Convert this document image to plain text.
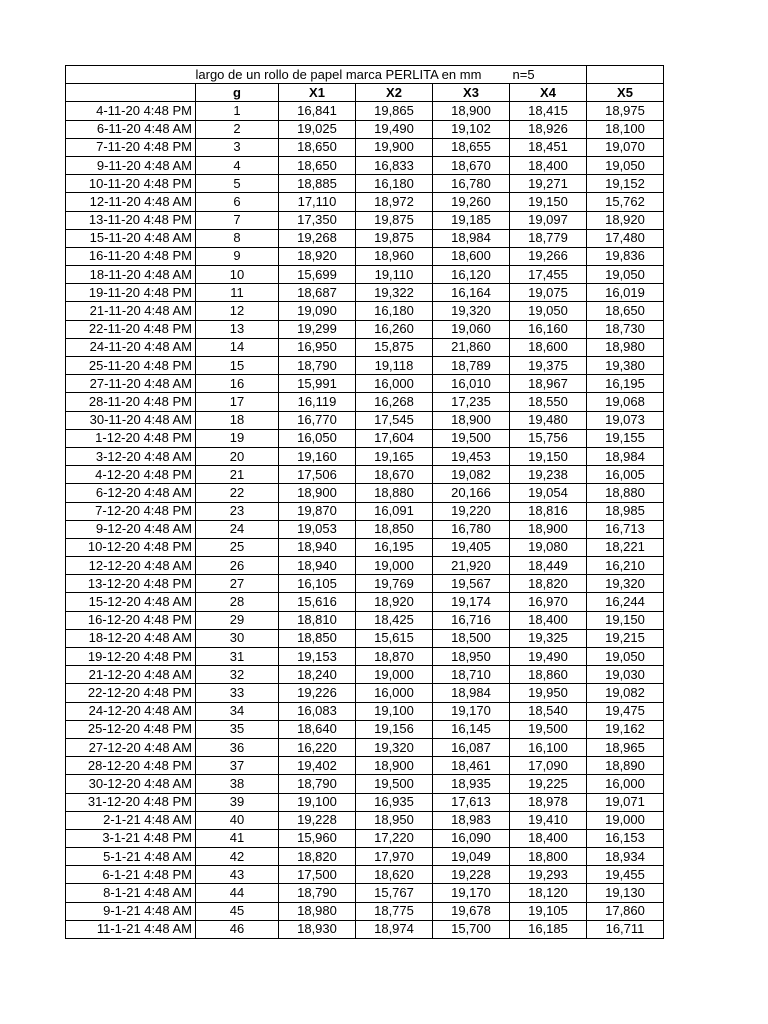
	largo de un rollo de papel marca PERLITA en mm				n=5	
	g	X1	X2	X3	X4	X5
4-11-20 4:48 PM	1	16,841	19,865	18,900	18,415	18,975
6-11-20 4:48 AM	2	19,025	19,490	19,102	18,926	18,100
7-11-20 4:48 PM	3	18,650	19,900	18,655	18,451	19,070
9-11-20 4:48 AM	4	18,650	16,833	18,670	18,400	19,050
10-11-20 4:48 PM	5	18,885	16,180	16,780	19,271	19,152
12-11-20 4:48 AM	6	17,110	18,972	19,260	19,150	15,762
13-11-20 4:48 PM	7	17,350	19,875	19,185	19,097	18,920
15-11-20 4:48 AM	8	19,268	19,875	18,984	18,779	17,480
16-11-20 4:48 PM	9	18,920	18,960	18,600	19,266	19,836
18-11-20 4:48 AM	10	15,699	19,110	16,120	17,455	19,050
19-11-20 4:48 PM	11	18,687	19,322	16,164	19,075	16,019
21-11-20 4:48 AM	12	19,090	16,180	19,320	19,050	18,650
22-11-20 4:48 PM	13	19,299	16,260	19,060	16,160	18,730
24-11-20 4:48 AM	14	16,950	15,875	21,860	18,600	18,980
25-11-20 4:48 PM	15	18,790	19,118	18,789	19,375	19,380
27-11-20 4:48 AM	16	15,991	16,000	16,010	18,967	16,195
28-11-20 4:48 PM	17	16,119	16,268	17,235	18,550	19,068
30-11-20 4:48 AM	18	16,770	17,545	18,900	19,480	19,073
1-12-20 4:48 PM	19	16,050	17,604	19,500	15,756	19,155
3-12-20 4:48 AM	20	19,160	19,165	19,453	19,150	18,984
4-12-20 4:48 PM	21	17,506	18,670	19,082	19,238	16,005
6-12-20 4:48 AM	22	18,900	18,880	20,166	19,054	18,880
7-12-20 4:48 PM	23	19,870	16,091	19,220	18,816	18,985
9-12-20 4:48 AM	24	19,053	18,850	16,780	18,900	16,713
10-12-20 4:48 PM	25	18,940	16,195	19,405	19,080	18,221
12-12-20 4:48 AM	26	18,940	19,000	21,920	18,449	16,210
13-12-20 4:48 PM	27	16,105	19,769	19,567	18,820	19,320
15-12-20 4:48 AM	28	15,616	18,920	19,174	16,970	16,244
16-12-20 4:48 PM	29	18,810	18,425	16,716	18,400	19,150
18-12-20 4:48 AM	30	18,850	15,615	18,500	19,325	19,215
19-12-20 4:48 PM	31	19,153	18,870	18,950	19,490	19,050
21-12-20 4:48 AM	32	18,240	19,000	18,710	18,860	19,030
22-12-20 4:48 PM	33	19,226	16,000	18,984	19,950	19,082
24-12-20 4:48 AM	34	16,083	19,100	19,170	18,540	19,475
25-12-20 4:48 PM	35	18,640	19,156	16,145	19,500	19,162
27-12-20 4:48 AM	36	16,220	19,320	16,087	16,100	18,965
28-12-20 4:48 PM	37	19,402	18,900	18,461	17,090	18,890
30-12-20 4:48 AM	38	18,790	19,500	18,935	19,225	16,000
31-12-20 4:48 PM	39	19,100	16,935	17,613	18,978	19,071
2-1-21 4:48 AM	40	19,228	18,950	18,983	19,410	19,000
3-1-21 4:48 PM	41	15,960	17,220	16,090	18,400	16,153
5-1-21 4:48 AM	42	18,820	17,970	19,049	18,800	18,934
6-1-21 4:48 PM	43	17,500	18,620	19,228	19,293	19,455
8-1-21 4:48 AM	44	18,790	15,767	19,170	18,120	19,130
9-1-21 4:48 AM	45	18,980	18,775	19,678	19,105	17,860
11-1-21 4:48 AM	46	18,930	18,974	15,700	16,185	16,711
